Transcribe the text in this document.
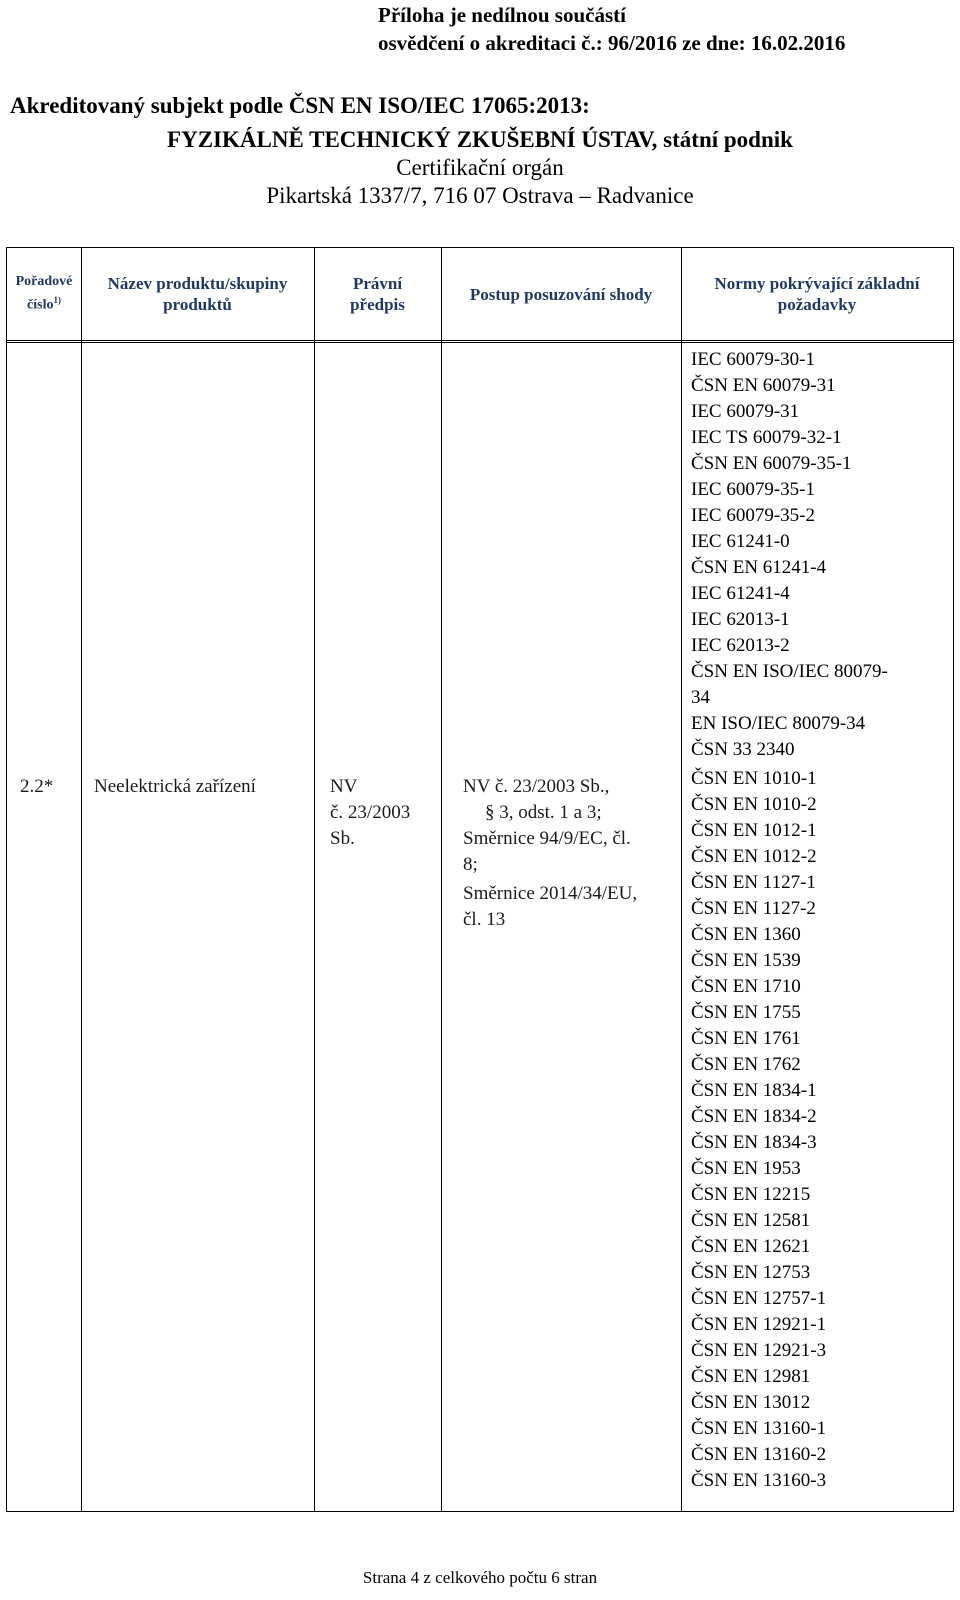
Příloha je nedílnou součástí
osvědčení o akreditaci č.: 96/2016 ze dne: 16.02.2016
Akreditovaný subjekt podle ČSN EN ISO/IEC 17065:2013:
FYZIKÁLNĚ TECHNICKÝ ZKUŠEBNÍ ÚSTAV, státní podnik
Certifikační orgán
Pikartská 1337/7, 716 07 Ostrava – Radvanice
Pořadové
číslo$^{1)}$
Název produktu/skupiny
produktů
Právní
předpis
Postup posuzování shody
Normy pokrývající základní
požadavky
2.2* Neelektrická zařízení	NV
č. 23/2003
Sb.
NV č. 23/2003 Sb.,
§ 3, odst. 1 a 3;
Směrnice 94/9/EC, čl.
8;
Směrnice 2014/34/EU,
čl. 13
IEC 60079-30-1
ČSN EN 60079-31
IEC 60079-31
IEC TS 60079-32-1
ČSN EN 60079-35-1
IEC 60079-35-1
IEC 60079-35-2
IEC 61241-0
ČSN EN 61241-4
IEC 61241-4
IEC 62013-1
IEC 62013-2
ČSN EN ISO/IEC 80079-
34
EN ISO/IEC 80079-34
ČSN 33 2340
ČSN EN 1010-1
ČSN EN 1010-2
ČSN EN 1012-1
ČSN EN 1012-2
ČSN EN 1127-1
ČSN EN 1127-2
ČSN EN 1360
ČSN EN 1539
ČSN EN 1710
ČSN EN 1755
ČSN EN 1761
ČSN EN 1762
ČSN EN 1834-1
ČSN EN 1834-2
ČSN EN 1834-3
ČSN EN 1953
ČSN EN 12215
ČSN EN 12581
ČSN EN 12621
ČSN EN 12753
ČSN EN 12757-1
ČSN EN 12921-1
ČSN EN 12921-3
ČSN EN 12981
ČSN EN 13012
ČSN EN 13160-1
ČSN EN 13160-2
ČSN EN 13160-3
Strana 4 z celkového počtu 6 stran
